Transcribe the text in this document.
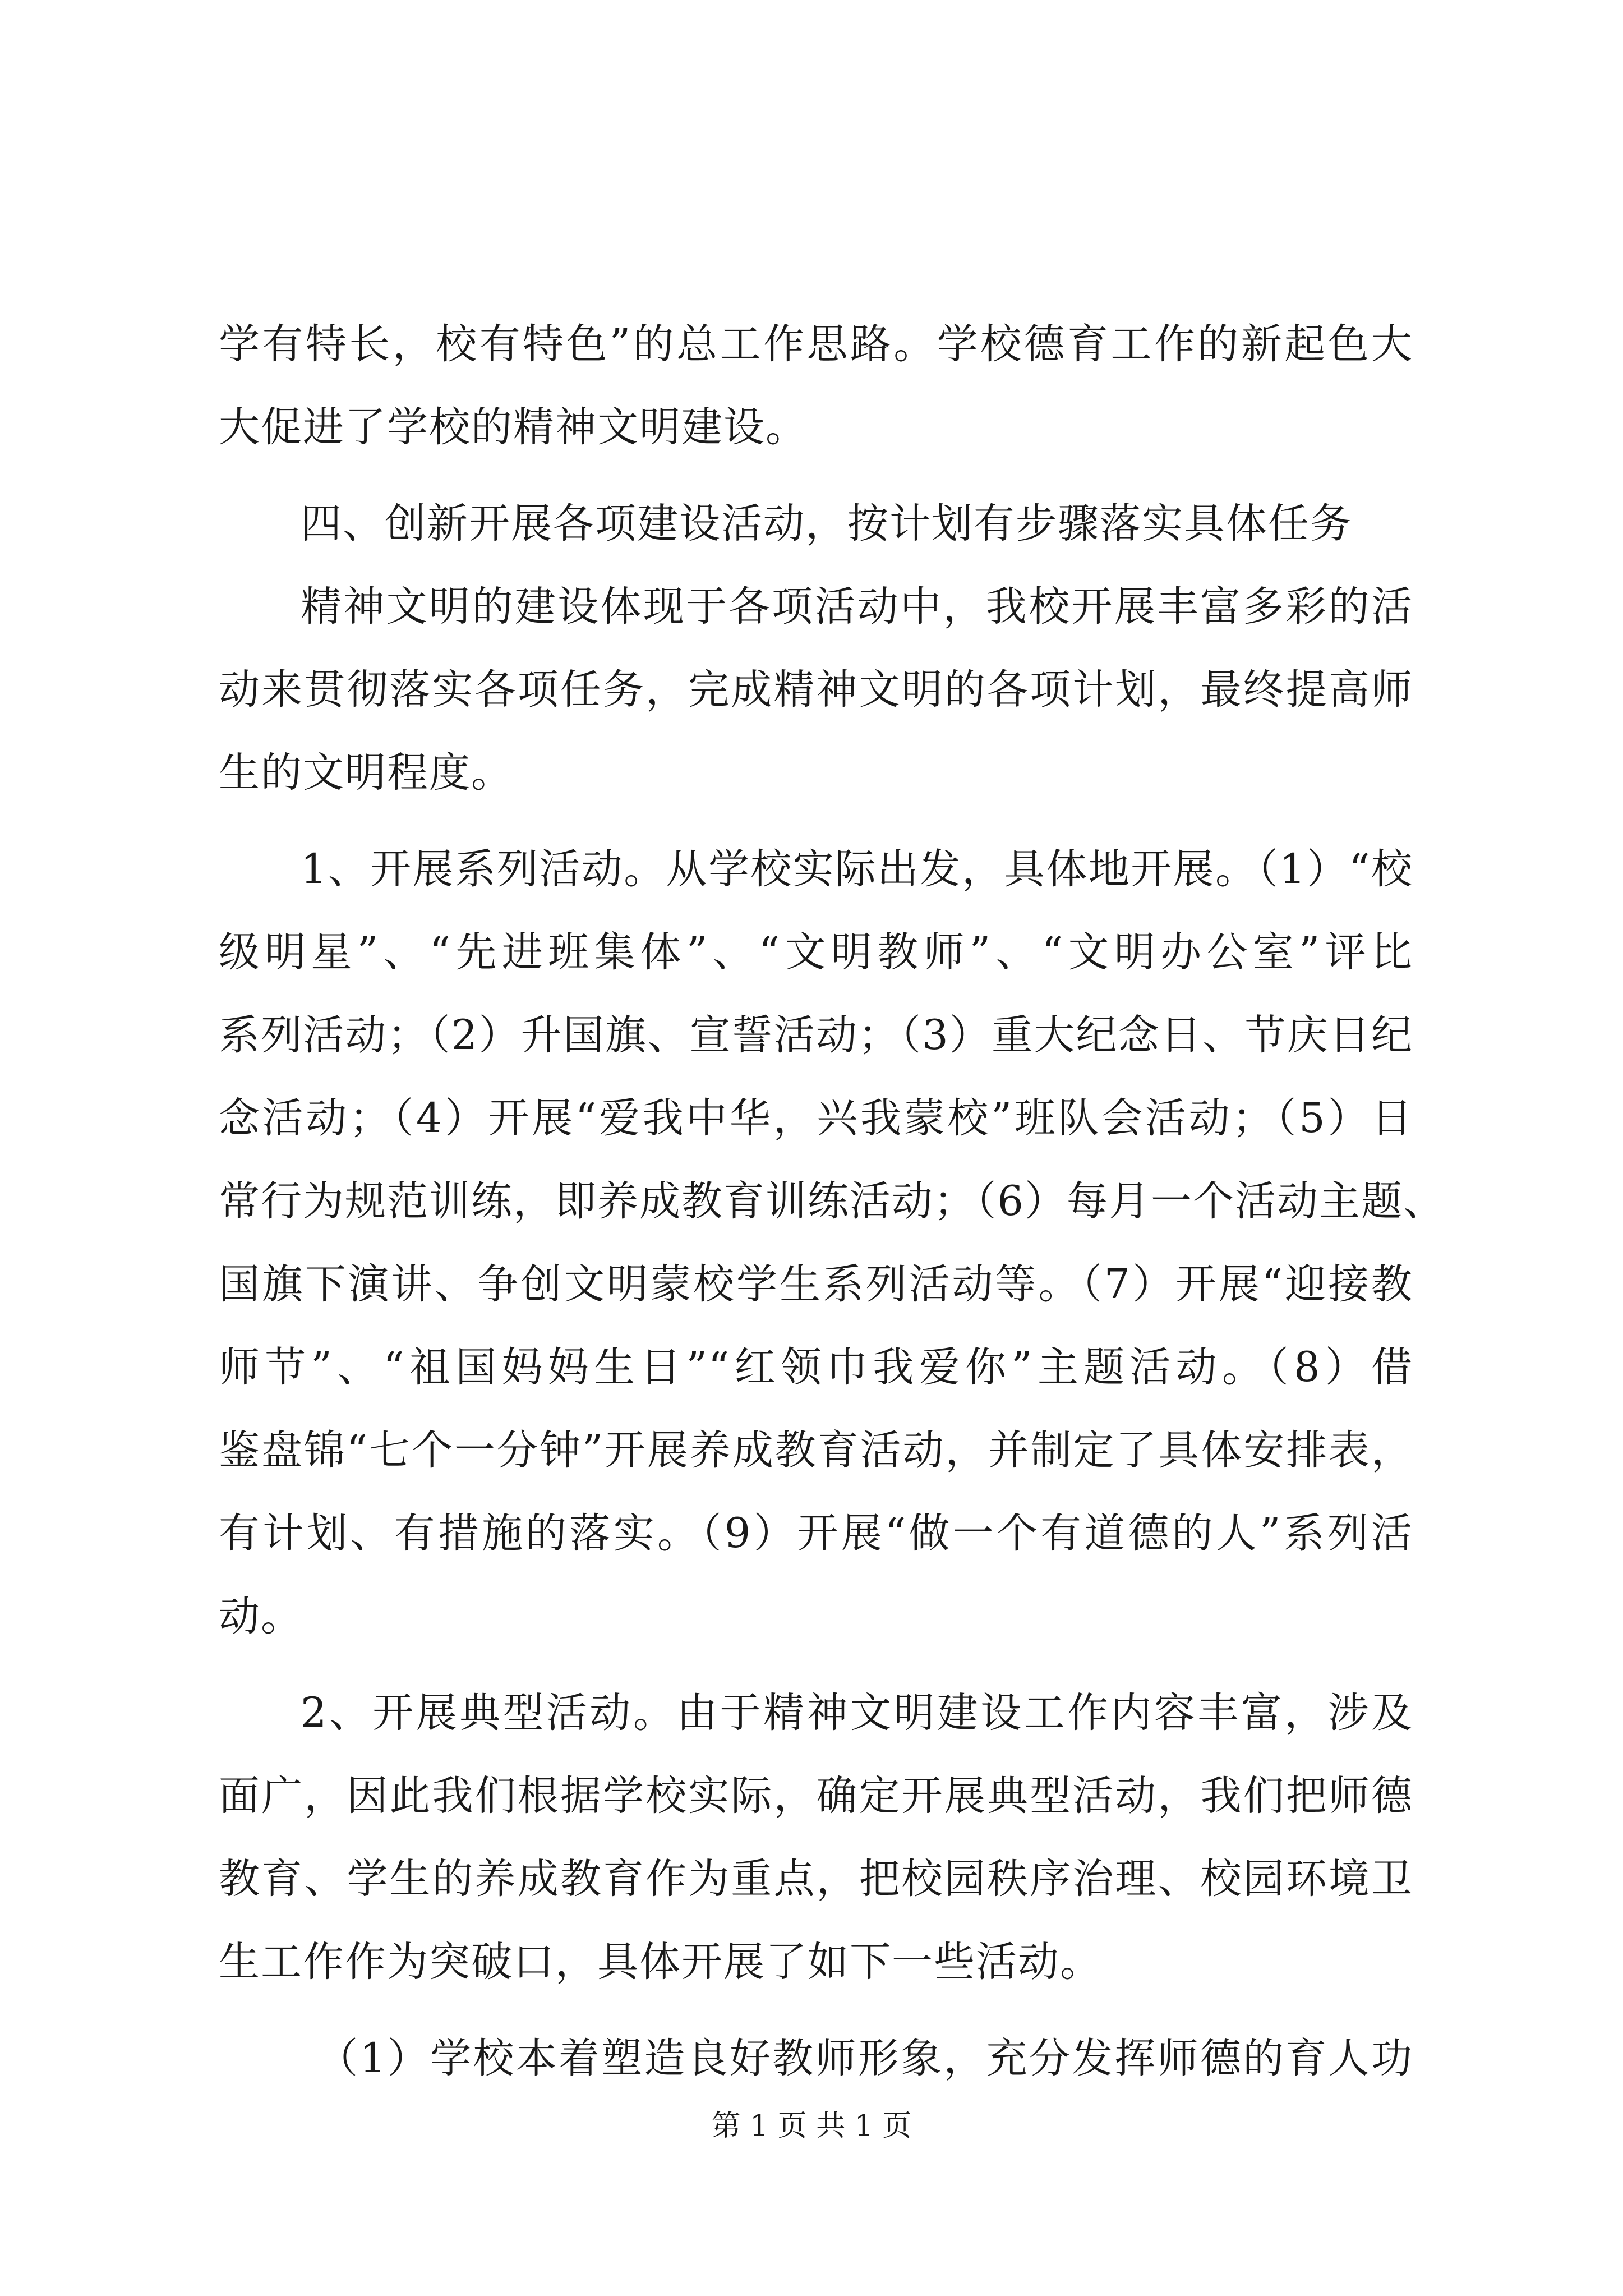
学有特长，校有特色”的总工作思路。学校德育工作的新起色大
大促进了学校的精神文明建设。
四、创新开展各项建设活动，按计划有步骤落实具体任务
精神文明的建设体现于各项活动中，我校开展丰富多彩的活
动来贯彻落实各项任务，完成精神文明的各项计划，最终提高师
生的文明程度。
1、开展系列活动。从学校实际出发，具体地开展。（1）“校
级明星”、“先进班集体”、“文明教师”、“文明办公室”评比
系列活动；（2）升国旗、宣誓活动；（3）重大纪念日、节庆日纪
念活动；（4）开展“爱我中华，兴我蒙校”班队会活动；（5）日
常行为规范训练，即养成教育训练活动；（6）每月一个活动主题、
国旗下演讲、争创文明蒙校学生系列活动等。（7）开展“迎接教
师节”、“祖国妈妈生日”“红领巾我爱你”主题活动。（8）借
鉴盘锦“七个一分钟”开展养成教育活动，并制定了具体安排表，
有计划、有措施的落实。（9）开展“做一个有道德的人”系列活
动。
2、开展典型活动。由于精神文明建设工作内容丰富，涉及
面广，因此我们根据学校实际，确定开展典型活动，我们把师德
教育、学生的养成教育作为重点，把校园秩序治理、校园环境卫
生工作作为突破口，具体开展了如下一些活动。
（1）学校本着塑造良好教师形象，充分发挥师德的育人功
第 1 页 共 1 页
